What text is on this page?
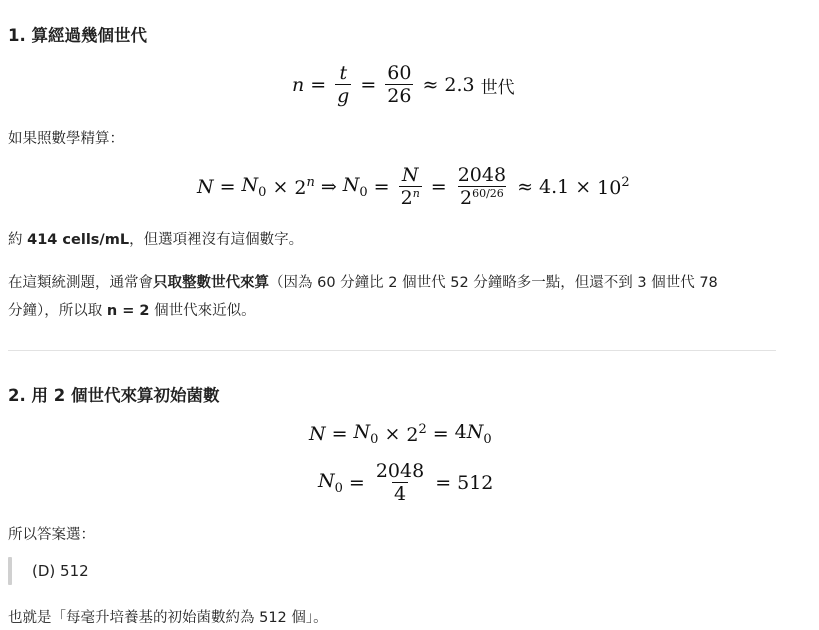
1. 算經過幾個世代
$n = \frac{t}{g} = \frac{60}{26} \approx 2.3$ 世代
如果照數學精算：
$N = N_0 \times 2^n$ ⇒ $N_0 = \frac{N}{2^n} = \frac{2048}{2^{60/26}} \approx 4.1 \times 10^2$
約 414 cells/mL，但選項裡沒有這個數字。
在這類統測題，通常會只取整數世代來算（因為 60 分鐘比 2 個世代 52 分鐘略多一點，但還不到 3 個世代 78
分鐘），所以取 n = 2 個世代來近似。
2. 用 2 個世代來算初始菌數
$N = N_0 \times 2^2 = 4N_0$
$N_0 = \frac{2048}{4} = 512$
所以答案選：
(D) 512
也就是「每毫升培養基的初始菌數約為 512 個」。
